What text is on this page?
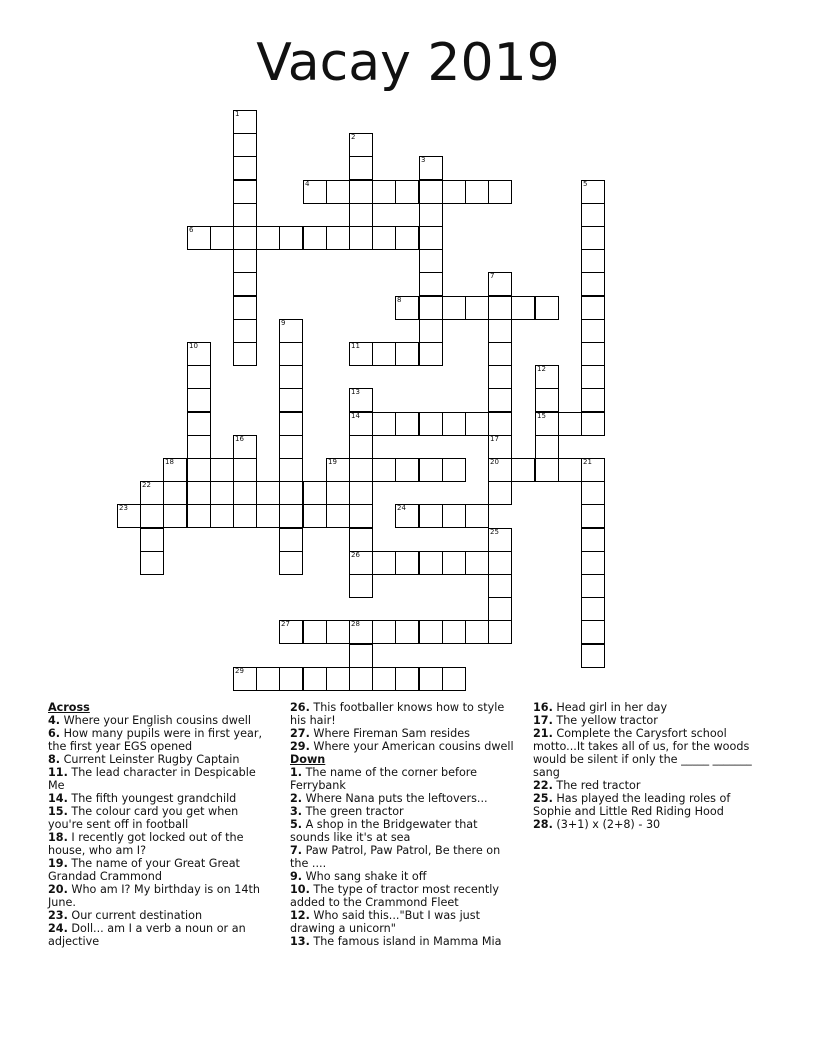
Vacay 2019
1
2
3
4	5
6
7
8
9
10	11
12
15
13
14
26
16	17
20
18	19	21
22
23	24
25
27	28
29

Across

4. Where your English cousins dwell

6. How many pupils were in first year, the first year EGS opened

8. Current Leinster Rugby Captain

11. The lead character in Despicable Me

14. The fifth youngest grandchild

15. The colour card you get when you're sent off in football

18. I recently got locked out of the house, who am I?

19. The name of your Great Great Grandad Crammond

20. Who am I? My birthday is on 14th June.

23. Our current destination

24. Doll... am I a verb a noun or an adjective

26. This footballer knows how to style his hair!

27. Where Fireman Sam resides

29. Where your American cousins dwell

Down

1. The name of the corner before Ferrybank

2. Where Nana puts the leftovers...

3. The green tractor

5. A shop in the Bridgewater that sounds like it's at sea

7. Paw Patrol, Paw Patrol, Be there on the ....

9. Who sang shake it off

10. The type of tractor most recently added to the Crammond Fleet

12. Who said this..."But I was just drawing a unicorn"

13. The famous island in Mamma Mia

16. Head girl in her day

17. The yellow tractor

21. Complete the Carysfort school motto...It takes all of us, for the woods would be silent if only the _____ _______ sang

22. The red tractor

25. Has played the leading roles of Sophie and Little Red Riding Hood

28. (3+1) x (2+8) - 30
